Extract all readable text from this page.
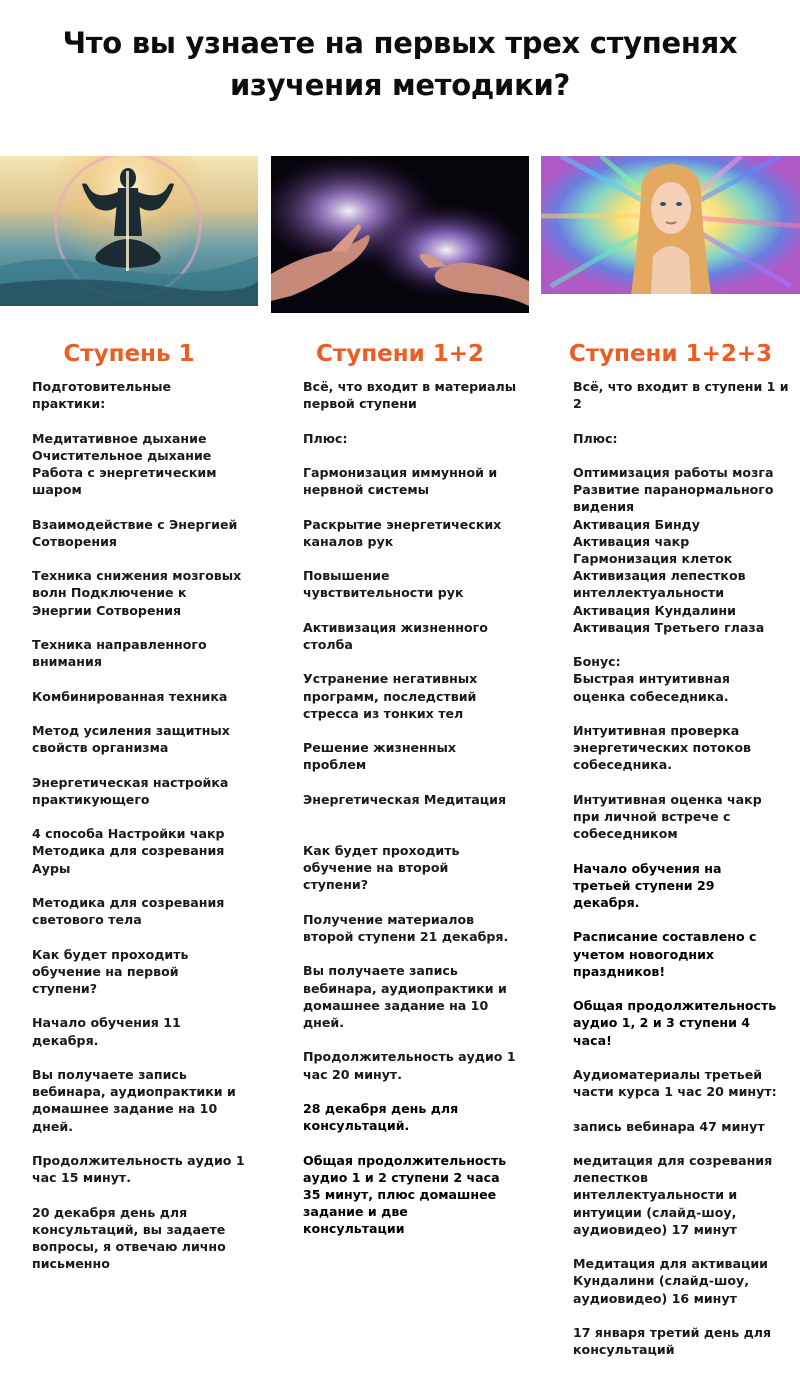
Что вы узнаете на первых трех ступенях
изучения методики?
Ступень 1	Ступени 1+2	Ступени 1+2+3
Подготовительные
практики:
Медитативное дыхание
Очистительное дыхание
Работа с энергетическим
шаром
Взаимодействие с Энергией
Сотворения
Техника снижения мозговых
волн Подключение к
Энергии Сотворения
Техника направленного
внимания
Комбинированная техника
Метод усиления защитных
свойств организма
Энергетическая настройка
практикующего
4 способа Настройки чакр
Методика для созревания
Ауры
Методика для созревания
светового тела
Как будет проходить
обучение на первой
ступени?
Начало обучения 11
декабря.
Вы получаете запись
вебинара, аудиопрактики и
домашнее задание на 10
дней.
Продолжительность аудио 1
час 15 минут.
20 декабря день для
консультаций, вы задаете
вопросы, я отвечаю лично
письменно
Всё, что входит в материалы
первой ступени
Плюс:
Гармонизация иммунной и
нервной системы
Раскрытие энергетических
каналов рук
Повышение
чувствительности рук
Активизация жизненного
столба
Устранение негативных
программ, последствий
стресса из тонких тел
Решение жизненных
проблем
Энергетическая Медитация
Как будет проходить
обучение на второй
ступени?
Получение материалов
второй ступени 21 декабря.
Вы получаете запись
вебинара, аудиопрактики и
домашнее задание на 10
дней.
Продолжительность аудио 1
час 20 минут.
28 декабря день для
консультаций.
Общая продолжительность
аудио 1 и 2 ступени 2 часа
35 минут, плюс домашнее
задание и две
консультации
Всё, что входит в ступени 1 и
2
Плюс:
Оптимизация работы мозга
Развитие паранормального
видения
Активация Бинду
Активация чакр
Гармонизация клеток
Активизация лепестков
интеллектуальности
Активация Кундалини
Активация Третьего глаза
Бонус:
Быстрая интуитивная
оценка собеседника.
Интуитивная проверка
энергетических потоков
собеседника.
Интуитивная оценка чакр
при личной встрече с
собеседником
Начало обучения на
третьей ступени 29
декабря.
Расписание составлено с
учетом новогодних
праздников!
Общая продолжительность
аудио 1, 2 и 3 ступени 4
часа!
Аудиоматериалы третьей
части курса 1 час 20 минут:
запись вебинара 47 минут
медитация для созревания
лепестков
интеллектуальности и
интуиции (слайд-шоу,
аудиовидео) 17 минут
Медитация для активации
Кундалини (слайд-шоу,
аудиовидео) 16 минут
17 января третий день для
консультаций
